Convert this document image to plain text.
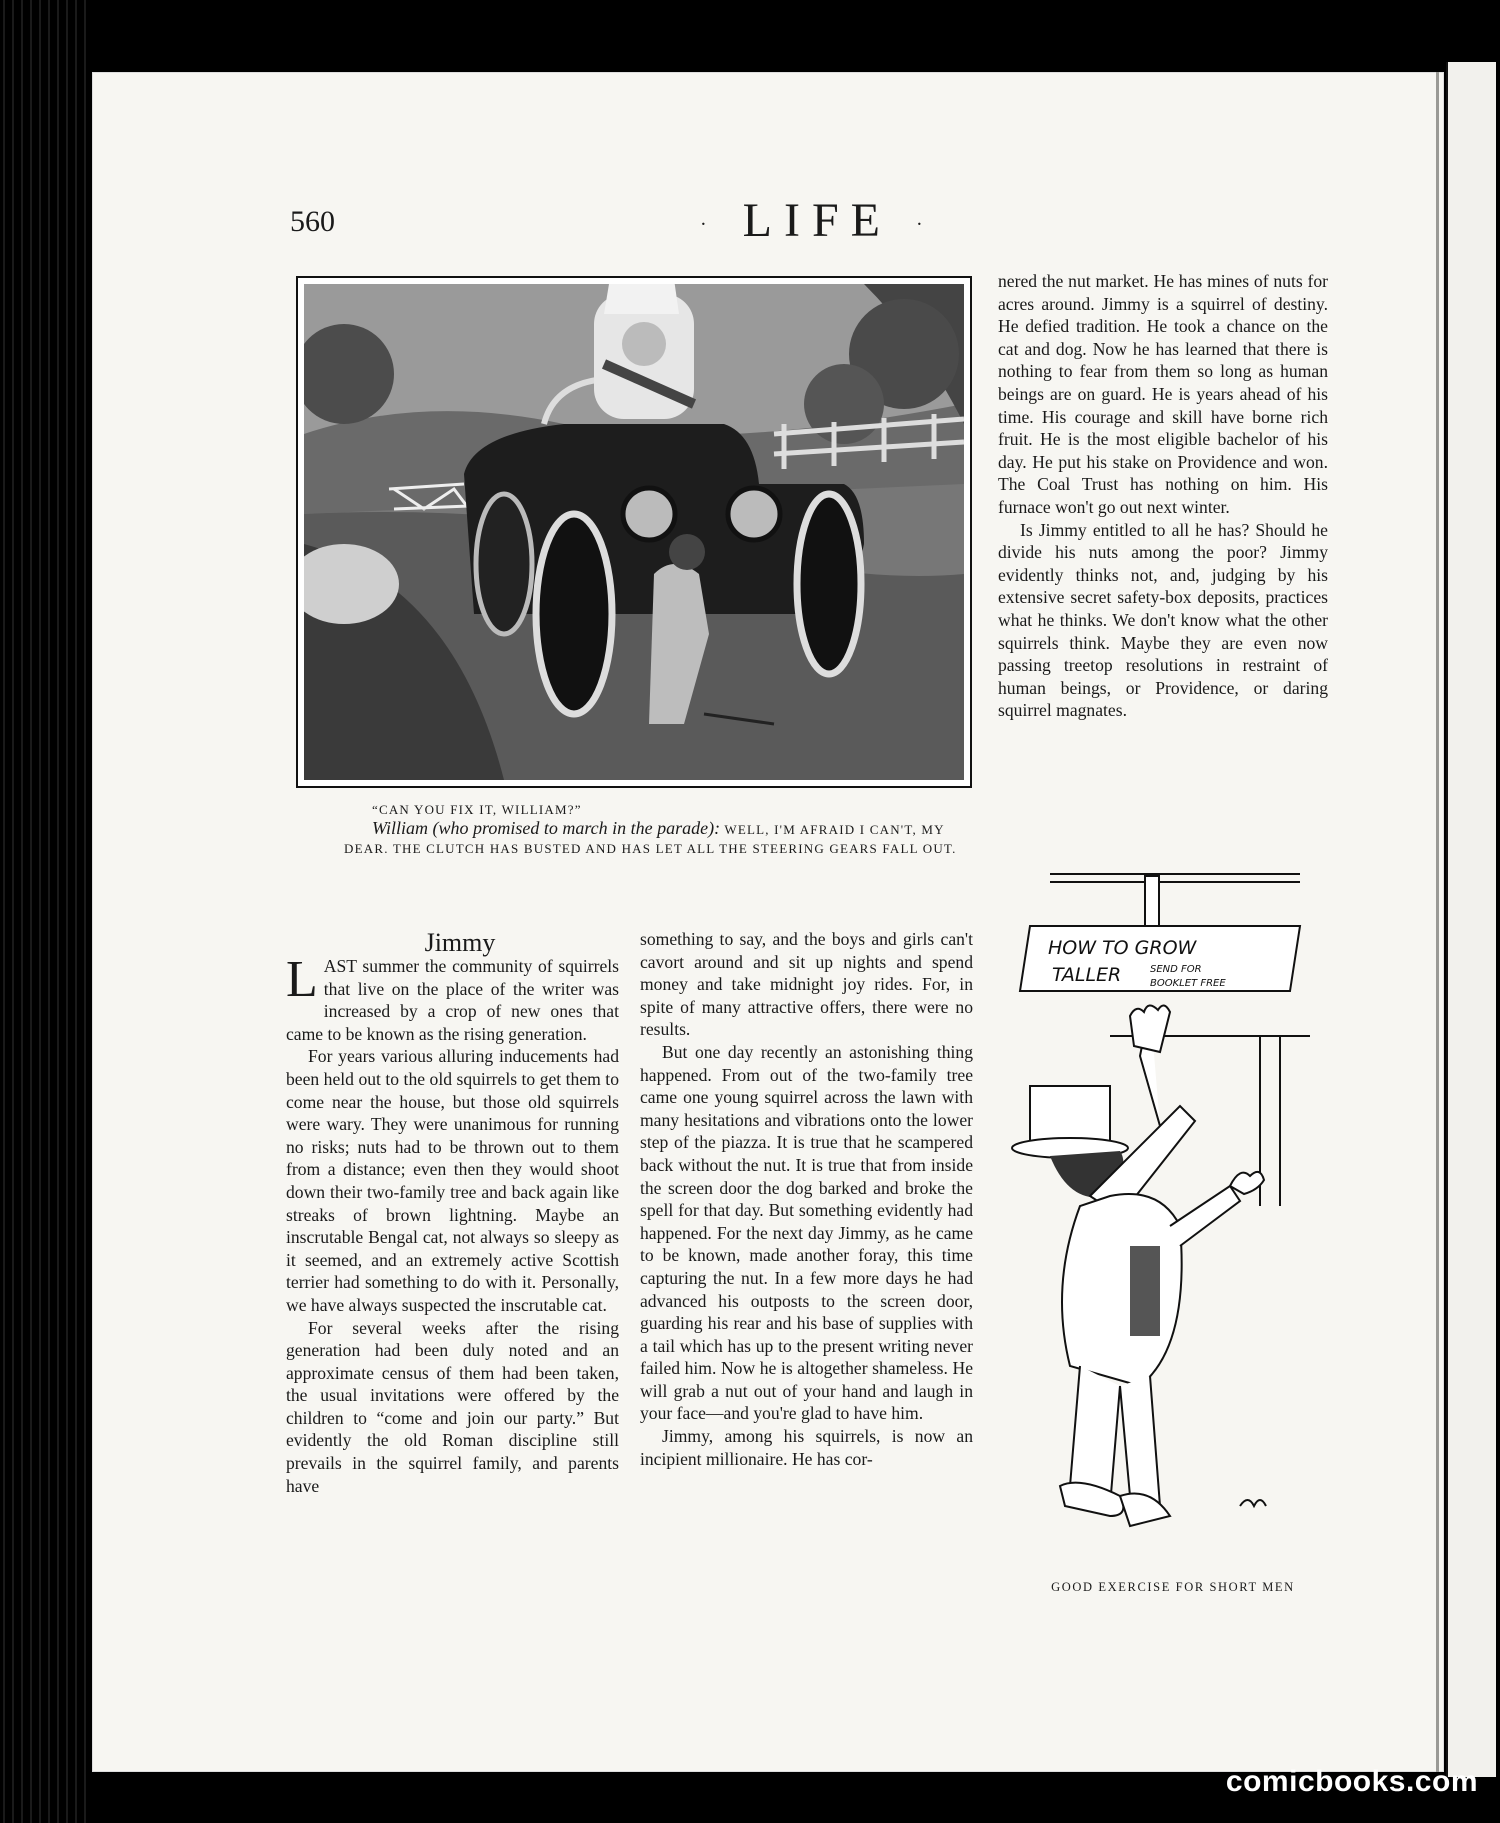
560	· LIFE ·
“CAN YOU FIX IT, WILLIAM?”
William (who promised to march in the parade): WELL, I'M AFRAID I CAN'T, MY DEAR. THE CLUTCH HAS BUSTED AND HAS LET ALL THE STEERING GEARS FALL OUT.

nered the nut market. He has mines of nuts for acres around. Jimmy is a squirrel of destiny. He defied tradition. He took a chance on the cat and dog. Now he has learned that there is nothing to fear from them so long as human beings are on guard. He is years ahead of his time. His courage and skill have borne rich fruit. He is the most eligible bachelor of his day. He put his stake on Providence and won. The Coal Trust has nothing on him. His furnace won't go out next winter.

Is Jimmy entitled to all he has? Should he divide his nuts among the poor? Jimmy evidently thinks not, and, judging by his extensive secret safety-box deposits, practices what he thinks. We don't know what the other squirrels think. Maybe they are even now passing treetop resolutions in restraint of human beings, or Providence, or daring squirrel magnates.

Jimmy

LAST summer the community of squirrels that live on the place of the writer was increased by a crop of new ones that came to be known as the rising generation.

For years various alluring inducements had been held out to the old squirrels to get them to come near the house, but those old squirrels were wary. They were unanimous for running no risks; nuts had to be thrown out to them from a distance; even then they would shoot down their two-family tree and back again like streaks of brown lightning. Maybe an inscrutable Bengal cat, not always so sleepy as it seemed, and an extremely active Scottish terrier had something to do with it. Personally, we have always suspected the inscrutable cat.

For several weeks after the rising generation had been duly noted and an approximate census of them had been taken, the usual invitations were offered by the children to “come and join our party.” But evidently the old Roman discipline still prevails in the squirrel family, and parents have

something to say, and the boys and girls can't cavort around and sit up nights and spend money and take midnight joy rides. For, in spite of many attractive offers, there were no results.

But one day recently an astonishing thing happened. From out of the two-family tree came one young squirrel across the lawn with many hesitations and vibrations onto the lower step of the piazza. It is true that he scampered back without the nut. It is true that from inside the screen door the dog barked and broke the spell for that day. But something evidently had happened. For the next day Jimmy, as he came to be known, made another foray, this time capturing the nut. In a few more days he had advanced his outposts to the screen door, guarding his rear and his base of supplies with a tail which has up to the present writing never failed him. Now he is altogether shameless. He will grab a nut out of your hand and laugh in your face—and you're glad to have him.

Jimmy, among his squirrels, is now an incipient millionaire. He has cor-

HOW TO GROW
TALLER	SEND FOR
BOOKLET FREE
GOOD EXERCISE FOR SHORT MEN
comicbooks.com
